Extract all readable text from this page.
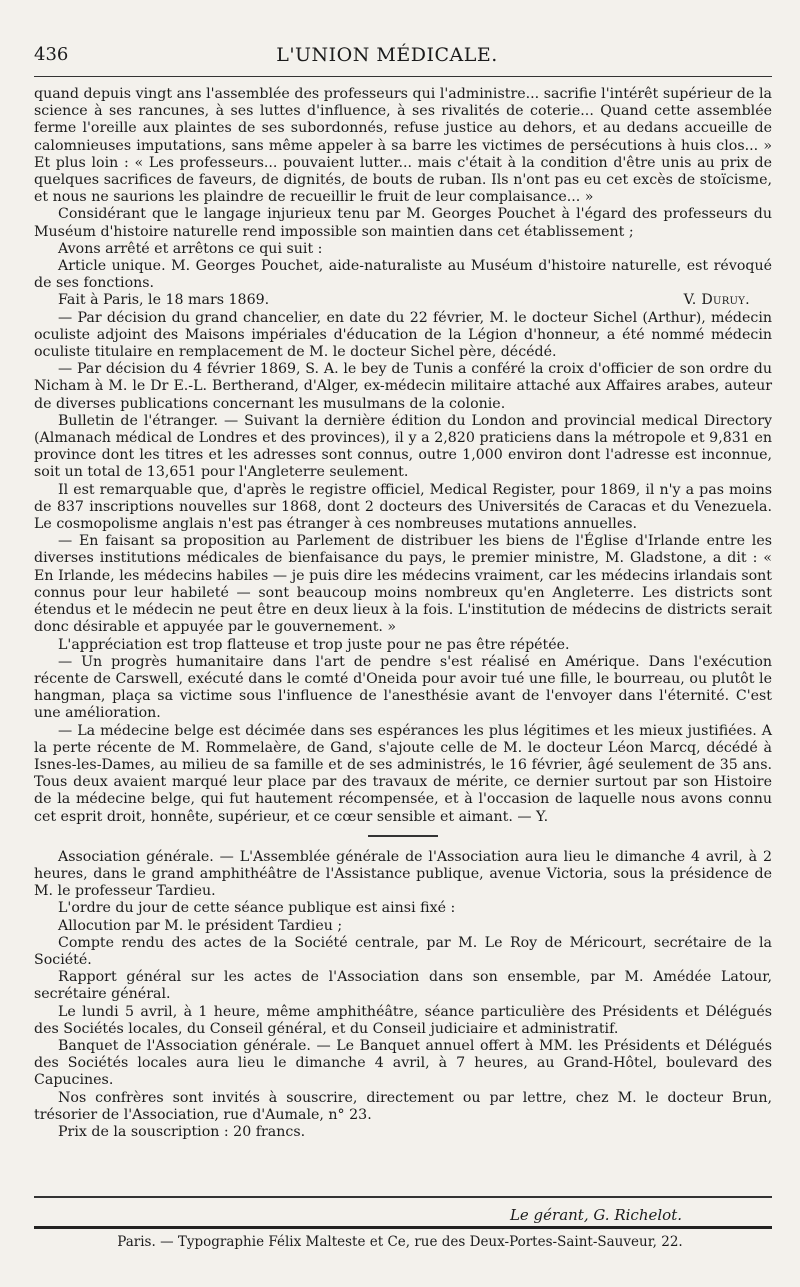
436	L'UNION MÉDICALE.

quand depuis vingt ans l'assemblée des professeurs qui l'administre... sacrifie l'intérêt supérieur de la science à ses rancunes, à ses luttes d'influence, à ses rivalités de coterie... Quand cette assemblée ferme l'oreille aux plaintes de ses subordonnés, refuse justice au dehors, et au dedans accueille de calomnieuses imputations, sans même appeler à sa barre les victimes de persécutions à huis clos... » Et plus loin : « Les professeurs... pouvaient lutter... mais c'était à la condition d'être unis au prix de quelques sacrifices de faveurs, de dignités, de bouts de ruban. Ils n'ont pas eu cet excès de stoïcisme, et nous ne saurions les plaindre de recueillir le fruit de leur complaisance... »

Considérant que le langage injurieux tenu par M. Georges Pouchet à l'égard des professeurs du Muséum d'histoire naturelle rend impossible son maintien dans cet établissement ;

Avons arrêté et arrêtons ce qui suit :

Article unique. M. Georges Pouchet, aide-naturaliste au Muséum d'histoire naturelle, est révoqué de ses fonctions.

Fait à Paris, le 18 mars 1869.	V. Duruy.

— Par décision du grand chancelier, en date du 22 février, M. le docteur Sichel (Arthur), médecin oculiste adjoint des Maisons impériales d'éducation de la Légion d'honneur, a été nommé médecin oculiste titulaire en remplacement de M. le docteur Sichel père, décédé.

— Par décision du 4 février 1869, S. A. le bey de Tunis a conféré la croix d'officier de son ordre du Nicham à M. le Dr E.-L. Bertherand, d'Alger, ex-médecin militaire attaché aux Affaires arabes, auteur de diverses publications concernant les musulmans de la colonie.

Bulletin de l'étranger. — Suivant la dernière édition du London and provincial medical Directory (Almanach médical de Londres et des provinces), il y a 2,820 praticiens dans la métropole et 9,831 en province dont les titres et les adresses sont connus, outre 1,000 environ dont l'adresse est inconnue, soit un total de 13,651 pour l'Angleterre seulement.

Il est remarquable que, d'après le registre officiel, Medical Register, pour 1869, il n'y a pas moins de 837 inscriptions nouvelles sur 1868, dont 2 docteurs des Universités de Caracas et du Venezuela. Le cosmopolisme anglais n'est pas étranger à ces nombreuses mutations annuelles.

— En faisant sa proposition au Parlement de distribuer les biens de l'Église d'Irlande entre les diverses institutions médicales de bienfaisance du pays, le premier ministre, M. Gladstone, a dit : « En Irlande, les médecins habiles — je puis dire les médecins vraiment, car les médecins irlandais sont connus pour leur habileté — sont beaucoup moins nombreux qu'en Angleterre. Les districts sont étendus et le médecin ne peut être en deux lieux à la fois. L'institution de médecins de districts serait donc désirable et appuyée par le gouvernement. »

L'appréciation est trop flatteuse et trop juste pour ne pas être répétée.

— Un progrès humanitaire dans l'art de pendre s'est réalisé en Amérique. Dans l'exécution récente de Carswell, exécuté dans le comté d'Oneida pour avoir tué une fille, le bourreau, ou plutôt le hangman, plaça sa victime sous l'influence de l'anesthésie avant de l'envoyer dans l'éternité. C'est une amélioration.

— La médecine belge est décimée dans ses espérances les plus légitimes et les mieux justifiées. A la perte récente de M. Rommelaère, de Gand, s'ajoute celle de M. le docteur Léon Marcq, décédé à Isnes-les-Dames, au milieu de sa famille et de ses administrés, le 16 février, âgé seulement de 35 ans. Tous deux avaient marqué leur place par des travaux de mérite, ce dernier surtout par son Histoire de la médecine belge, qui fut hautement récompensée, et à l'occasion de laquelle nous avons connu cet esprit droit, honnête, supérieur, et ce cœur sensible et aimant. — Y.

Association générale. — L'Assemblée générale de l'Association aura lieu le dimanche 4 avril, à 2 heures, dans le grand amphithéâtre de l'Assistance publique, avenue Victoria, sous la présidence de M. le professeur Tardieu.

L'ordre du jour de cette séance publique est ainsi fixé :

Allocution par M. le président Tardieu ;

Compte rendu des actes de la Société centrale, par M. Le Roy de Méricourt, secrétaire de la Société.

Rapport général sur les actes de l'Association dans son ensemble, par M. Amédée Latour, secrétaire général.

Le lundi 5 avril, à 1 heure, même amphithéâtre, séance particulière des Présidents et Délégués des Sociétés locales, du Conseil général, et du Conseil judiciaire et administratif.

Banquet de l'Association générale. — Le Banquet annuel offert à MM. les Présidents et Délégués des Sociétés locales aura lieu le dimanche 4 avril, à 7 heures, au Grand-Hôtel, boulevard des Capucines.

Nos confrères sont invités à souscrire, directement ou par lettre, chez M. le docteur Brun, trésorier de l'Association, rue d'Aumale, n° 23.

Prix de la souscription : 20 francs.

Le gérant, G. Richelot.
Paris. — Typographie Félix Malteste et Ce, rue des Deux-Portes-Saint-Sauveur, 22.
